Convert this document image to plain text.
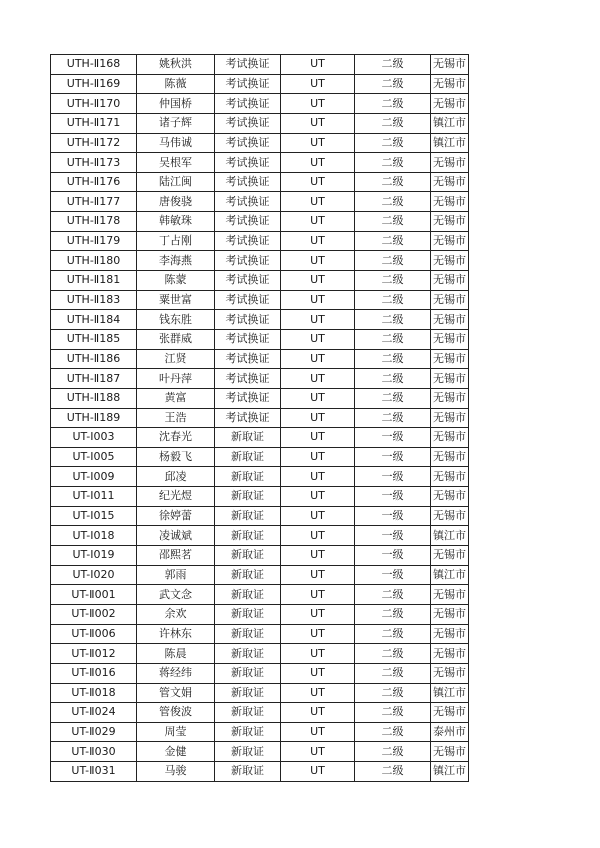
UTH-Ⅱ168	姚秋洪	考试换证	UT	二级	无锡市
UTH-Ⅱ169	陈薇	考试换证	UT	二级	无锡市
UTH-Ⅱ170	仲国桥	考试换证	UT	二级	无锡市
UTH-Ⅱ171	诸子辉	考试换证	UT	二级	镇江市
UTH-Ⅱ172	马伟诚	考试换证	UT	二级	镇江市
UTH-Ⅱ173	吴根军	考试换证	UT	二级	无锡市
UTH-Ⅱ176	陆江闽	考试换证	UT	二级	无锡市
UTH-Ⅱ177	唐俊骁	考试换证	UT	二级	无锡市
UTH-Ⅱ178	韩敏珠	考试换证	UT	二级	无锡市
UTH-Ⅱ179	丁占刚	考试换证	UT	二级	无锡市
UTH-Ⅱ180	李海燕	考试换证	UT	二级	无锡市
UTH-Ⅱ181	陈蒙	考试换证	UT	二级	无锡市
UTH-Ⅱ183	粟世富	考试换证	UT	二级	无锡市
UTH-Ⅱ184	钱东胜	考试换证	UT	二级	无锡市
UTH-Ⅱ185	张群威	考试换证	UT	二级	无锡市
UTH-Ⅱ186	江贤	考试换证	UT	二级	无锡市
UTH-Ⅱ187	叶丹萍	考试换证	UT	二级	无锡市
UTH-Ⅱ188	黄富	考试换证	UT	二级	无锡市
UTH-Ⅱ189	王浩	考试换证	UT	二级	无锡市
UT-Ⅰ003	沈春光	新取证	UT	一级	无锡市
UT-Ⅰ005	杨毅飞	新取证	UT	一级	无锡市
UT-Ⅰ009	邱凌	新取证	UT	一级	无锡市
UT-Ⅰ011	纪光煜	新取证	UT	一级	无锡市
UT-Ⅰ015	徐婷蕾	新取证	UT	一级	无锡市
UT-Ⅰ018	凌诚斌	新取证	UT	一级	镇江市
UT-Ⅰ019	邵熙茗	新取证	UT	一级	无锡市
UT-Ⅰ020	郭雨	新取证	UT	一级	镇江市
UT-Ⅱ001	武文念	新取证	UT	二级	无锡市
UT-Ⅱ002	余欢	新取证	UT	二级	无锡市
UT-Ⅱ006	许林东	新取证	UT	二级	无锡市
UT-Ⅱ012	陈晨	新取证	UT	二级	无锡市
UT-Ⅱ016	蒋经纬	新取证	UT	二级	无锡市
UT-Ⅱ018	管文娟	新取证	UT	二级	镇江市
UT-Ⅱ024	管俊波	新取证	UT	二级	无锡市
UT-Ⅱ029	周莹	新取证	UT	二级	泰州市
UT-Ⅱ030	金健	新取证	UT	二级	无锡市
UT-Ⅱ031	马骏	新取证	UT	二级	镇江市
